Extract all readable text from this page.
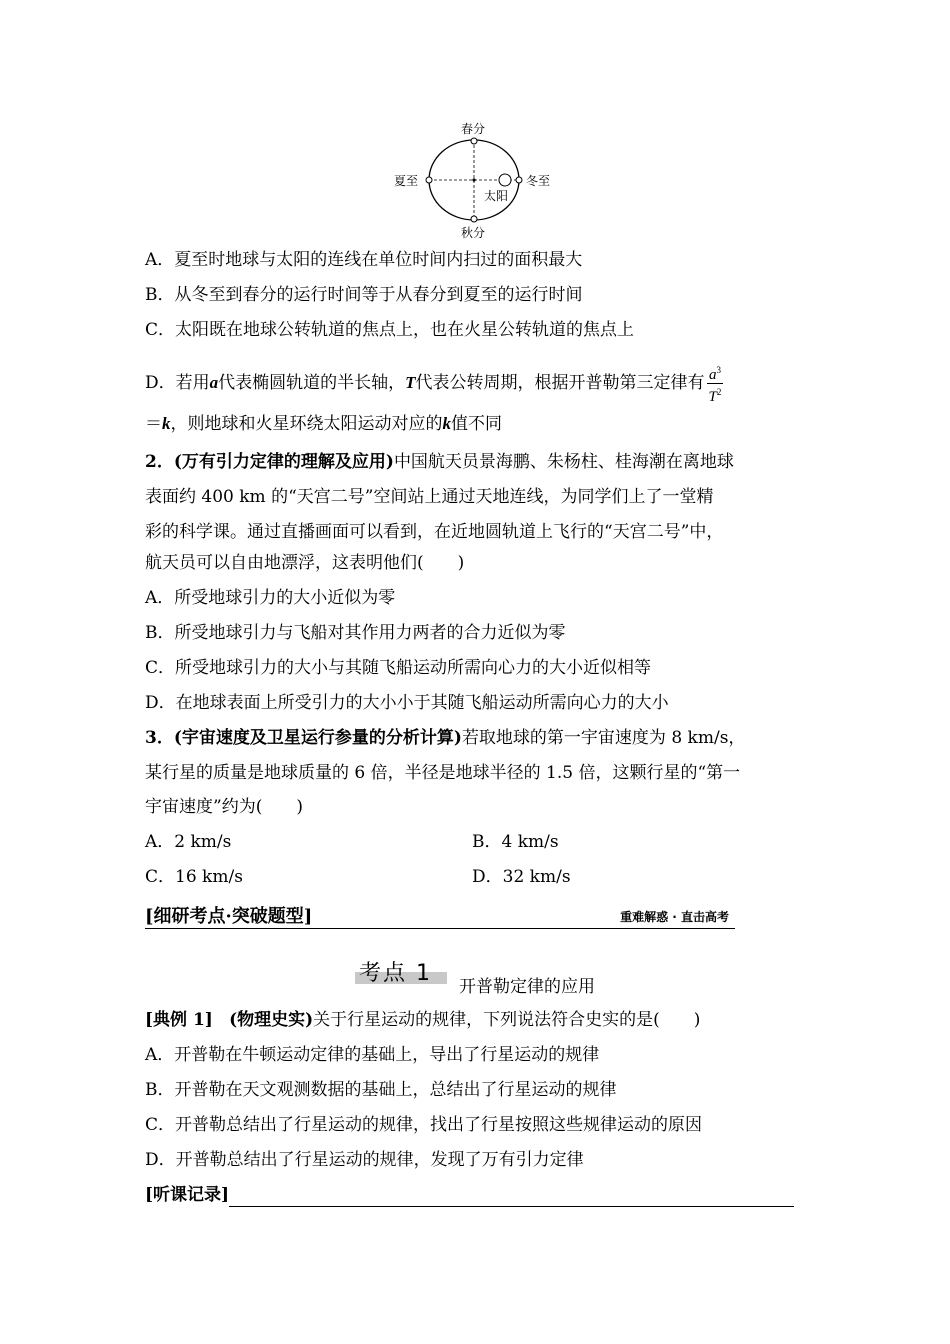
春分
秋分
夏至	冬至
太阳
A．夏至时地球与太阳的连线在单位时间内扫过的面积最大
B．从冬至到春分的运行时间等于从春分到夏至的运行时间
C．太阳既在地球公转轨道的焦点上，也在火星公转轨道的焦点上
D．若用a代表椭圆轨道的半长轴，T代表公转周期，根据开普勒第三定律有 $\frac{a^3}{T^2}$
＝k，则地球和火星环绕太阳运动对应的k值不同
2．(万有引力定律的理解及应用)中国航天员景海鹏、朱杨柱、桂海潮在离地球
表面约 400 km 的“天宫二号”空间站上通过天地连线，为同学们上了一堂精
彩的科学课。通过直播画面可以看到，在近地圆轨道上飞行的“天宫二号”中，
航天员可以自由地漂浮，这表明他们(　　)
A．所受地球引力的大小近似为零
B．所受地球引力与飞船对其作用力两者的合力近似为零
C．所受地球引力的大小与其随飞船运动所需向心力的大小近似相等
D．在地球表面上所受引力的大小小于其随飞船运动所需向心力的大小
3．(宇宙速度及卫星运行参量的分析计算)若取地球的第一宇宙速度为 8 km/s，
某行星的质量是地球质量的 6 倍，半径是地球半径的 1.5 倍，这颗行星的“第一
宇宙速度”约为(　　)
A．2 km/s	B．4 km/s
C．16 km/s	D．32 km/s
[细研考点·突破题型]	重难解惑 · 直击高考
考点 1
开普勒定律的应用
[典例 1] (物理史实)关于行星运动的规律，下列说法符合史实的是(　　)
A．开普勒在牛顿运动定律的基础上，导出了行星运动的规律
B．开普勒在天文观测数据的基础上，总结出了行星运动的规律
C．开普勒总结出了行星运动的规律，找出了行星按照这些规律运动的原因
D．开普勒总结出了行星运动的规律，发现了万有引力定律
[听课记录]
